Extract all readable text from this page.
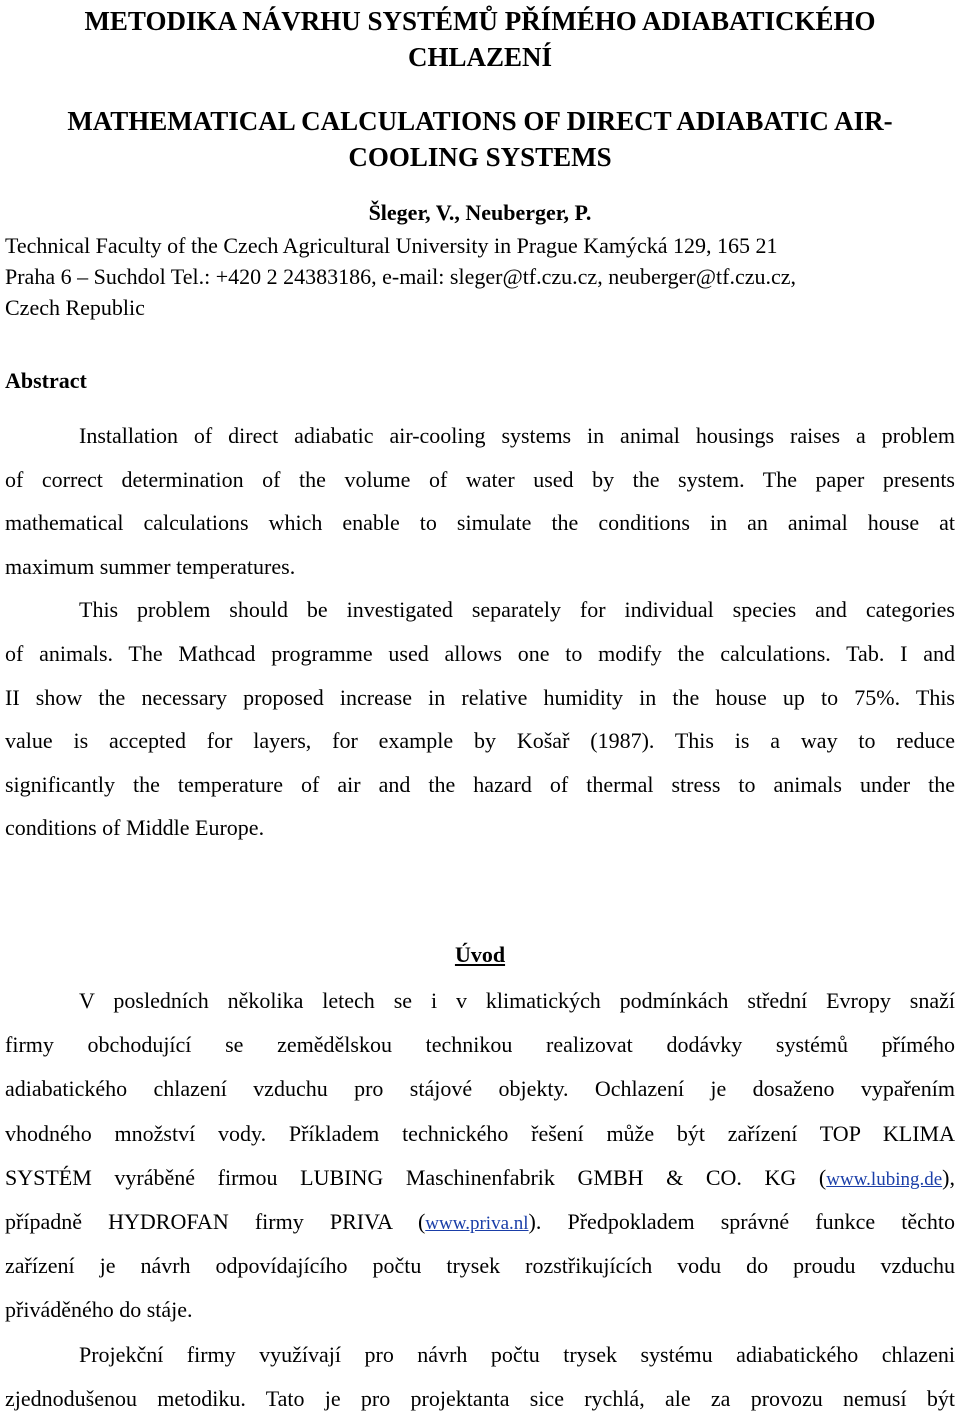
METODIKA NÁVRHU SYSTÉMŮ PŘÍMÉHO ADIABATICKÉHO
CHLAZENÍ
MATHEMATICAL CALCULATIONS OF DIRECT ADIABATIC AIR-
COOLING SYSTEMS
Šleger, V., Neuberger, P.
Technical Faculty of the Czech Agricultural University in Prague Kamýcká 129, 165 21
Praha 6 – Suchdol Tel.: +420 2 24383186, e-mail: sleger@tf.czu.cz, neuberger@tf.czu.cz,
Czech Republic
Abstract
Installation of direct adiabatic air-cooling systems in animal housings raises a problem
of correct determination of the volume of water used by the system. The paper presents
mathematical calculations which enable to simulate the conditions in an animal house at
maximum summer temperatures.
This problem should be investigated separately for individual species and categories
of animals. The Mathcad programme used allows one to modify the calculations. Tab. I and
II show the necessary proposed increase in relative humidity in the house up to 75%. This
value is accepted for layers, for example by Košař (1987). This is a way to reduce
significantly the temperature of air and the hazard of thermal stress to animals under the
conditions of Middle Europe.
Úvod
V posledních několika letech se i v klimatických podmínkách střední Evropy snaží
firmy obchodující se zemědělskou technikou realizovat dodávky systémů přímého
adiabatického chlazení vzduchu pro stájové objekty. Ochlazení je dosaženo vypařením
vhodného množství vody. Příkladem technického řešení může být zařízení TOP KLIMA
SYSTÉM vyráběné firmou LUBING Maschinenfabrik GMBH & CO. KG (www.lubing.de),
případně HYDROFAN firmy PRIVA (www.priva.nl). Předpokladem správné funkce těchto
zařízení je návrh odpovídajícího počtu trysek rozstřikujících vodu do proudu vzduchu
přiváděného do stáje.
Projekční firmy využívají pro návrh počtu trysek systému adiabatického chlazeni
zjednodušenou metodiku. Tato je pro projektanta sice rychlá, ale za provozu nemusí být
